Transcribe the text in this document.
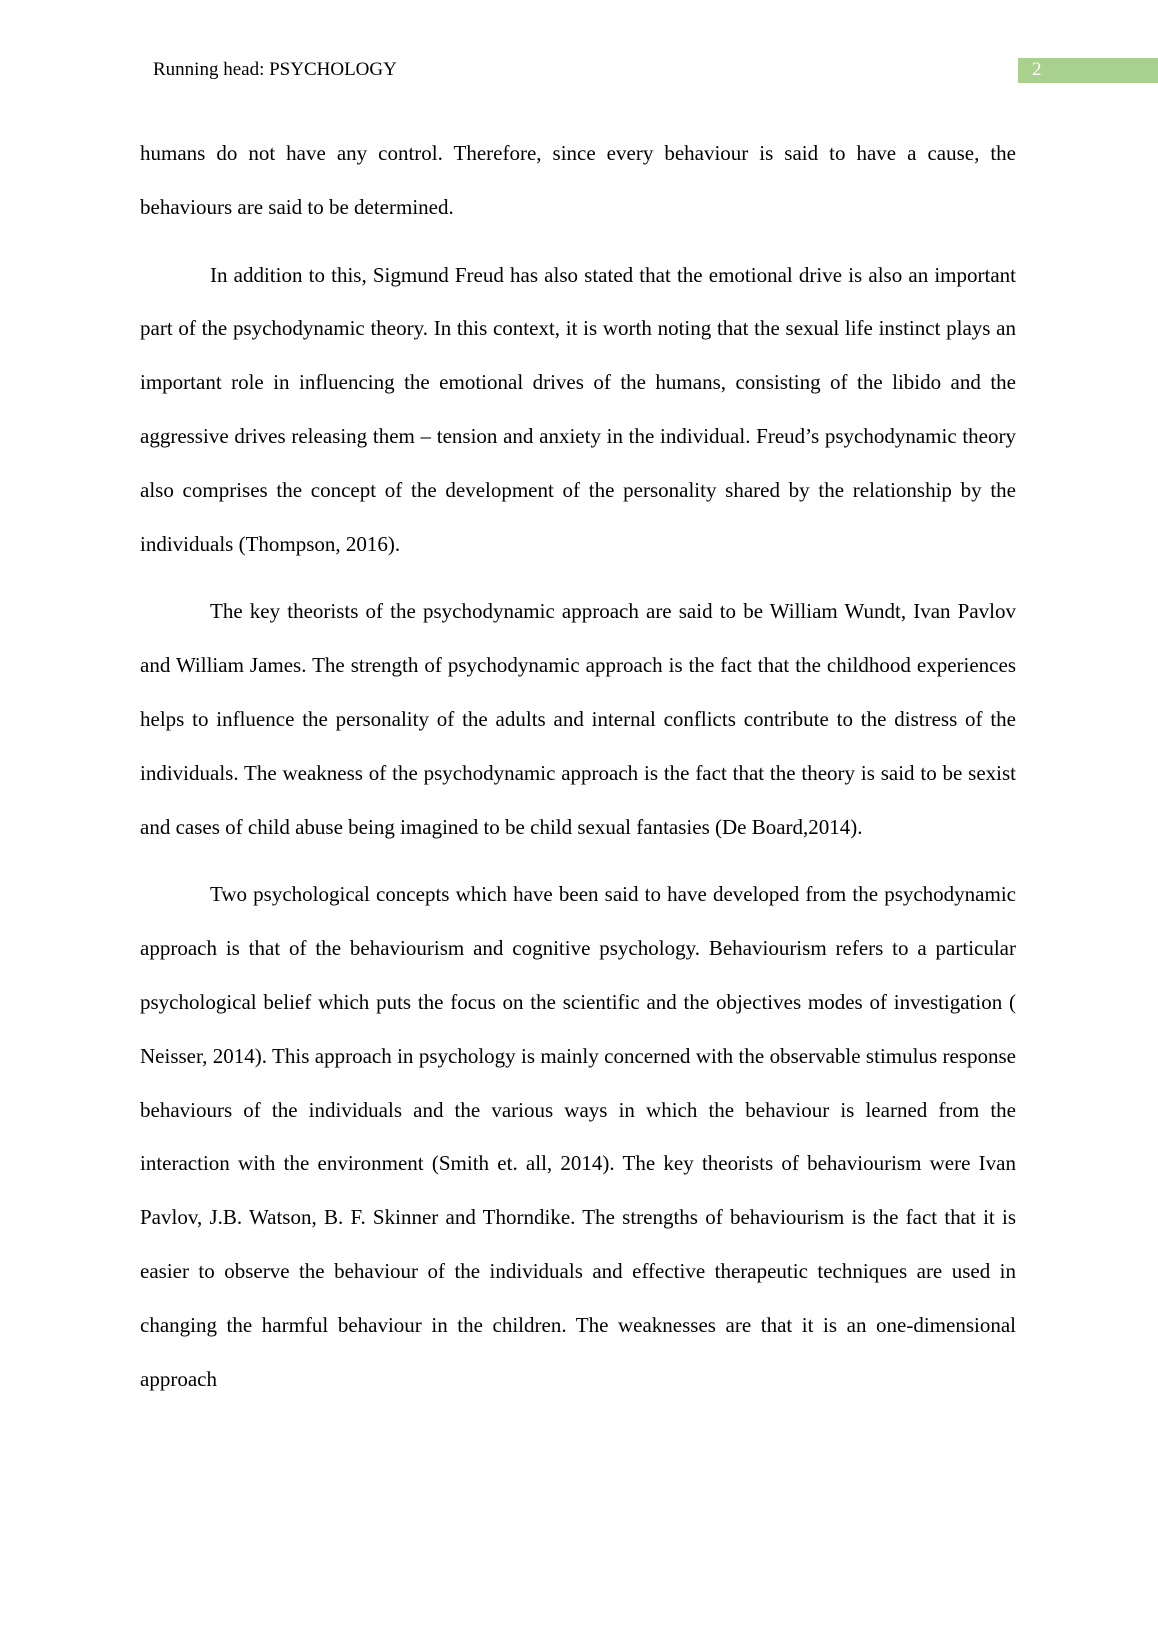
Running head: PSYCHOLOGY	2

humans do not have any control. Therefore, since every behaviour is said to have a cause, the behaviours are said to be determined.

In addition to this, Sigmund Freud has also stated that the emotional drive is also an important part of the psychodynamic theory. In this context, it is worth noting that the sexual life instinct plays an important role in influencing the emotional drives of the humans, consisting of the libido and the aggressive drives releasing them – tension and anxiety in the individual. Freud’s psychodynamic theory also comprises the concept of the development of the personality shared by the relationship by the individuals (Thompson, 2016).

The key theorists of the psychodynamic approach are said to be William Wundt, Ivan Pavlov and William James. The strength of psychodynamic approach is the fact that the childhood experiences helps to influence the personality of the adults and internal conflicts contribute to the distress of the individuals. The weakness of the psychodynamic approach is the fact that the theory is said to be sexist and cases of child abuse being imagined to be child sexual fantasies (De Board,2014).

Two psychological concepts which have been said to have developed from the psychodynamic approach is that of the behaviourism and cognitive psychology. Behaviourism refers to a particular psychological belief which puts the focus on the scientific and the objectives modes of investigation ( Neisser, 2014). This approach in psychology is mainly concerned with the observable stimulus response behaviours of the individuals and the various ways in which the behaviour is learned from the interaction with the environment (Smith et. all, 2014). The key theorists of behaviourism were Ivan Pavlov, J.B. Watson, B. F. Skinner and Thorndike. The strengths of behaviourism is the fact that it is easier to observe the behaviour of the individuals and effective therapeutic techniques are used in changing the harmful behaviour in the children. The weaknesses are that it is an one-dimensional approach
